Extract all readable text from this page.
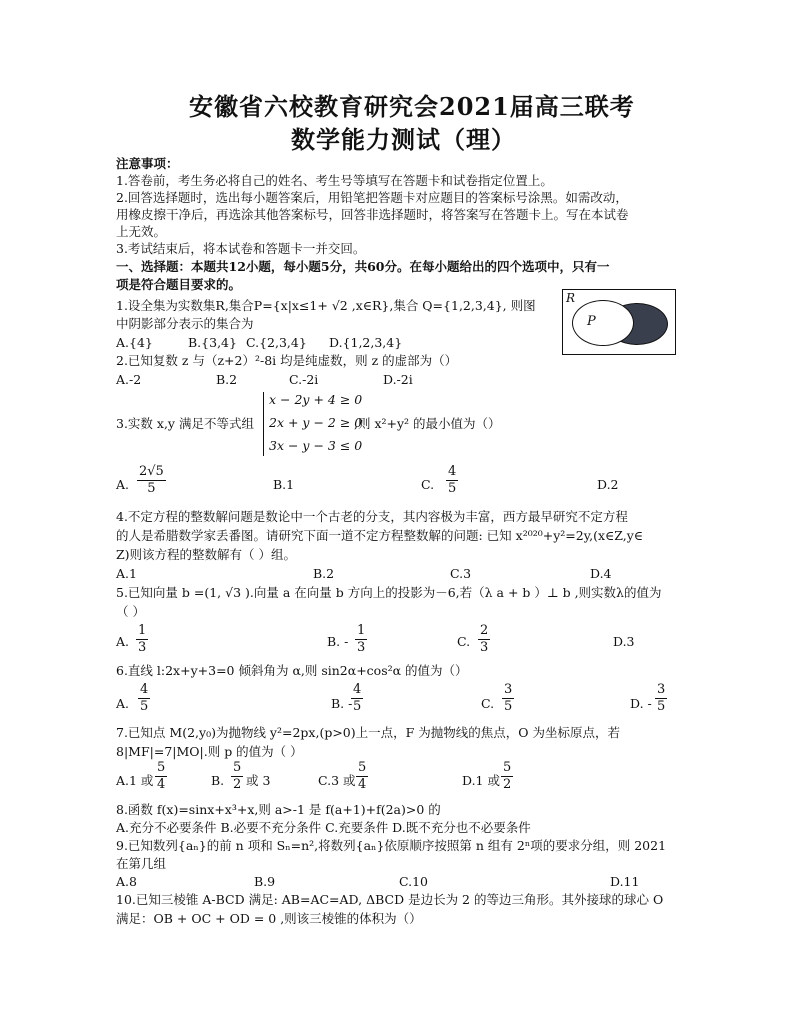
安徽省六校教育研究会2021届高三联考
数学能力测试（理）
注意事项：
1.答卷前，考生务必将自己的姓名、考生号等填写在答题卡和试卷指定位置上。
2.回答选择题时，选出每小题答案后，用铅笔把答题卡对应题目的答案标号涂黑。如需改动，
用橡皮擦干净后，再选涂其他答案标号，回答非选择题时，将答案写在答题卡上。写在本试卷
上无效。
3.考试结束后，将本试卷和答题卡一并交回。
一、选择题：本题共12小题，每小题5分，共60分。在每小题给出的四个选项中，只有一
项是符合题目要求的。
R
P
1.设全集为实数集R,集合P={x|x≤1+ √2 ,x∈R},集合 Q={1,2,3,4}, 则图
中阴影部分表示的集合为
A.{4}	B.{3,4} C.{2,3,4} D.{1,2,3,4}
2.已知复数 z 与（z+2）²-8i 均是纯虚数，则 z 的虚部为（）
A.-2	B.2	C.-2i	D.-2i
3.实数 x,y 满足不等式组
x − 2y + 4 ≥ 0
2x + y − 2 ≥ 0
3x − y − 3 ≤ 0
,则 x²+y² 的最小值为（）
A. $\frac{2√5}{5}$	B.1	C. $\frac{4}{5}$	D.2
4.不定方程的整数解问题是数论中一个古老的分支，其内容极为丰富，西方最早研究不定方程
的人是希腊数学家丢番图。请研究下面一道不定方程整数解的问题: 已知 x²⁰²⁰+y²=2y,(x∈Z,y∈
Z)则该方程的整数解有（ ）组。
A.1	B.2	C.3	D.4
5.已知向量 b =(1, √3 ).向量 a 在向量 b 方向上的投影为－6,若（λ a + b ）⊥ b ,则实数λ的值为
（ ）
A. $\frac{1}{3}$	B. - $\frac{1}{3}$	C. $\frac{2}{3}$	D.3
6.直线 l:2x+y+3=0 倾斜角为 α,则 sin2α+cos²α 的值为（）
A. $\frac{4}{5}$	B. -
$\frac{4}{5}$	C. $\frac{3}{5}$	D. - $\frac{3}{5}$
7.已知点 M(2,y₀)为抛物线 y²=2px,(p>0)上一点，F 为抛物线的焦点，O 为坐标原点，若
8|MF|=7|MO|.则 p 的值为（ ）
A.1 或 $\frac{5}{4}$	B. $\frac{5}{2}$ 或 3	C.3 或 $\frac{5}{4}$	D.1 或 $\frac{5}{2}$
8.函数 f(x)=sinx+x³+x,则 a>-1 是 f(a+1)+f(2a)>0 的
A.充分不必要条件 B.必要不充分条件 C.充要条件 D.既不充分也不必要条件
9.已知数列{aₙ}的前 n 项和 Sₙ=n²,将数列{aₙ}依原顺序按照第 n 组有 2ⁿ项的要求分组，则 2021
在第几组
A.8	B.9	C.10	D.11
10.已知三棱锥 A-BCD 满足: AB=AC=AD, ΔBCD 是边长为 2 的等边三角形。其外接球的球心 O
满足：OB + OC + OD = 0 ,则该三棱锥的体积为（）
